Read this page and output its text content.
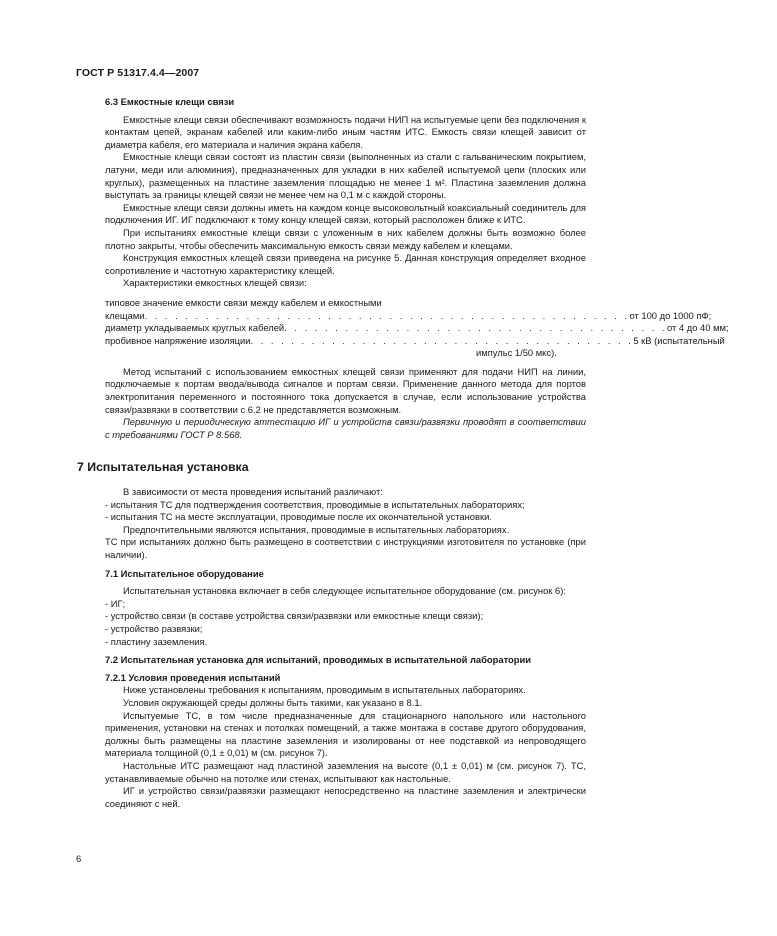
ГОСТ Р 51317.4.4—2007
6.3 Емкостные клещи связи

Емкостные клещи связи обеспечивают возможность подачи НИП на испытуемые цепи без подключения к контактам цепей, экранам кабелей или каким-либо иным частям ИТС. Емкость связи клещей зависит от диаметра кабеля, его материала и наличия экрана кабеля.

Емкостные клещи связи состоят из пластин связи (выполненных из стали с гальваническим покрытием, латуни, меди или алюминия), предназначенных для укладки в них кабелей испытуемой цепи (плоских или круглых), размещенных на пластине заземления площадью не менее 1 м². Пластина заземления должна выступать за границы клещей связи не менее чем на 0,1 м с каждой стороны.

Емкостные клещи связи должны иметь на каждом конце высоковольтный коаксиальный соединитель для подключения ИГ. ИГ подключают к тому концу клещей связи, который расположен ближе к ИТС.

При испытаниях емкостные клещи связи с уложенным в них кабелем должны быть возможно более плотно закрыты, чтобы обеспечить максимальную емкость связи между кабелем и клещами.

Конструкция емкостных клещей связи приведена на рисунке 5. Данная конструкция определяет входное сопротивление и частотную характеристику клещей.

Характеристики емкостных клещей связи:

типовое значение емкости связи между кабелем и емкостными
клещами . . . . . . . . . . . . . . . . . . . . . . . . . . . . . . . . . . . . . . . . . . . . . . . . от 100 до 1000 пФ;
диаметр укладываемых круглых кабелей . . . . . . . . . . . . . . . . . . . . . . . . . . . . . . . . . . . . . . от 4 до 40 мм;
пробивное напряжение изоляции . . . . . . . . . . . . . . . . . . . . . . . . . . . . . . . . . . . . . . 5 кВ (испытательный
импульс 1/50 мкс).

Метод испытаний с использованием емкостных клещей связи применяют для подачи НИП на линии, подключаемые к портам ввода/вывода сигналов и портам связи. Применение данного метода для портов электропитания переменного и постоянного тока допускается в случае, если использование устройства связи/развязки в соответствии с 6.2 не представляется возможным.

Первичную и периодическую аттестацию ИГ и устройств связи/развязки проводят в соответствии с требованиями ГОСТ Р 8.568.

7 Испытательная установка

В зависимости от места проведения испытаний различают:

- испытания ТС для подтверждения соответствия, проводимые в испытательных лабораториях;

- испытания ТС на месте эксплуатации, проводимые после их окончательной установки.

Предпочтительными являются испытания, проводимые в испытательных лабораториях.

ТС при испытаниях должно быть размещено в соответствии с инструкциями изготовителя по установке (при наличии).

7.1 Испытательное оборудование

Испытательная установка включает в себя следующее испытательное оборудование (см. рисунок 6):

- ИГ;

- устройство связи (в составе устройства связи/развязки или емкостные клещи связи);

- устройство развязки;

- пластину заземления.

7.2 Испытательная установка для испытаний, проводимых в испытательной лаборатории
7.2.1 Условия проведения испытаний

Ниже установлены требования к испытаниям, проводимым в испытательных лабораториях.

Условия окружающей среды должны быть такими, как указано в 8.1.

Испытуемые ТС, в том числе предназначенные для стационарного напольного или настольного применения, установки на стенах и потолках помещений, а также монтажа в составе другого оборудования, должны быть размещены на пластине заземления и изолированы от нее подставкой из непроводящего материала толщиной (0,1 ± 0,01) м (см. рисунок 7).

Настольные ИТС размещают над пластиной заземления на высоте (0,1 ± 0,01) м (см. рисунок 7). ТС, устанавливаемые обычно на потолке или стенах, испытывают как настольные.

ИГ и устройство связи/развязки размещают непосредственно на пластине заземления и электрически соединяют с ней.

6
